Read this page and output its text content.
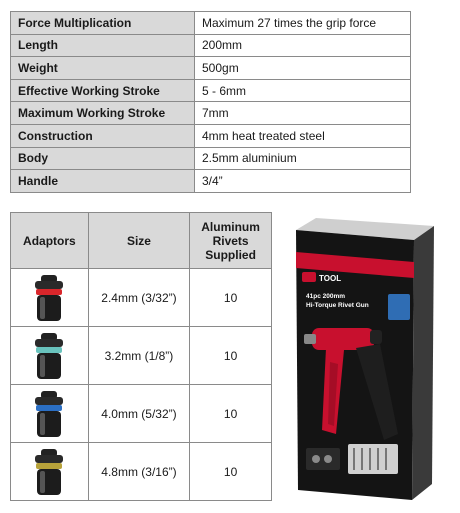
Force Multiplication	Maximum 27 times the grip force
Length	200mm
Weight	500gm
Effective Working Stroke	5 - 6mm
Maximum Working Stroke	7mm
Construction	4mm heat treated steel
Body	2.5mm aluminium
Handle	3/4”
Adaptors	Size	Aluminum
Rivets
Supplied

	2.4mm (3/32”)	10

	3.2mm (1/8”)	10

	4.0mm (5/32”)	10

	4.8mm (3/16”)	10
TOOL
41pc 200mm
Hi-Torque Rivet Gun
